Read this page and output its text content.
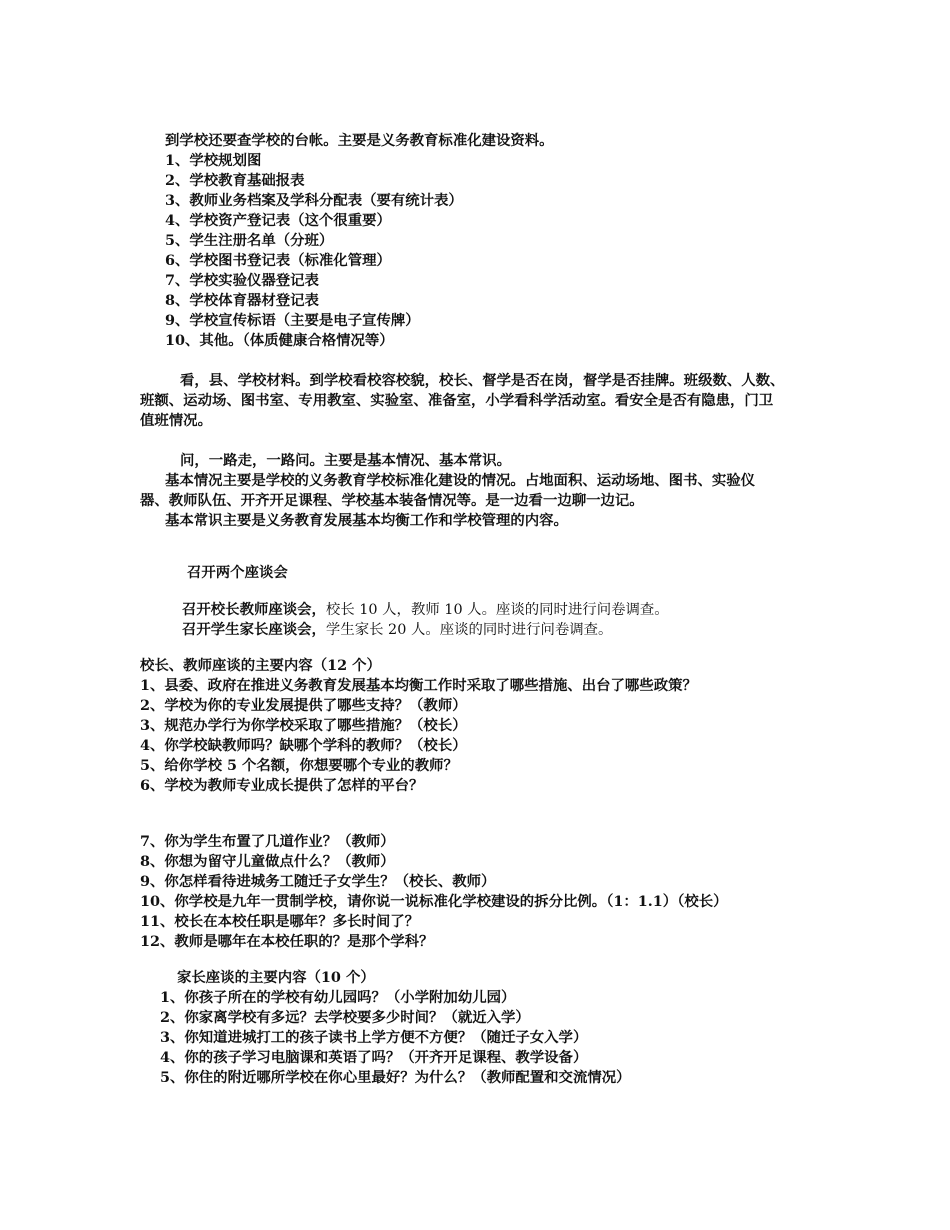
到学校还要查学校的台帐。主要是义务教育标准化建设资料。
1、学校规划图
2、学校教育基础报表
3、教师业务档案及学科分配表（要有统计表）
4、学校资产登记表（这个很重要）
5、学生注册名单（分班）
6、学校图书登记表（标准化管理）
7、学校实验仪器登记表
8、学校体育器材登记表
9、学校宣传标语（主要是电子宣传牌）
10、其他。（体质健康合格情况等）
看，县、学校材料。到学校看校容校貌，校长、督学是否在岗，督学是否挂牌。班级数、人数、
班额、运动场、图书室、专用教室、实验室、准备室，小学看科学活动室。看安全是否有隐患，门卫
值班情况。
问，一路走，一路问。主要是基本情况、基本常识。
基本情况主要是学校的义务教育学校标准化建设的情况。占地面积、运动场地、图书、实验仪
器、教师队伍、开齐开足课程、学校基本装备情况等。是一边看一边聊一边记。
基本常识主要是义务教育发展基本均衡工作和学校管理的内容。
召开两个座谈会
召开校长教师座谈会，校长 10 人，教师 10 人。座谈的同时进行问卷调查。
召开学生家长座谈会，学生家长 20 人。座谈的同时进行问卷调查。
校长、教师座谈的主要内容（12 个）
1、县委、政府在推进义务教育发展基本均衡工作时采取了哪些措施、出台了哪些政策？
2、学校为你的专业发展提供了哪些支持？（教师）
3、规范办学行为你学校采取了哪些措施？（校长）
4、你学校缺教师吗？缺哪个学科的教师？（校长）
5、给你学校 5 个名额，你想要哪个专业的教师？
6、学校为教师专业成长提供了怎样的平台？
7、你为学生布置了几道作业？（教师）
8、你想为留守儿童做点什么？（教师）
9、你怎样看待进城务工随迁子女学生？（校长、教师）
10、你学校是九年一贯制学校，请你说一说标准化学校建设的拆分比例。（1：1.1）（校长）
11、校长在本校任职是哪年？多长时间了？
12、教师是哪年在本校任职的？是那个学科？
家长座谈的主要内容（10 个）
1、你孩子所在的学校有幼儿园吗？（小学附加幼儿园）
2、你家离学校有多远？去学校要多少时间？（就近入学）
3、你知道进城打工的孩子读书上学方便不方便？（随迁子女入学）
4、你的孩子学习电脑课和英语了吗？（开齐开足课程、教学设备）
5、你住的附近哪所学校在你心里最好？为什么？（教师配置和交流情况）
